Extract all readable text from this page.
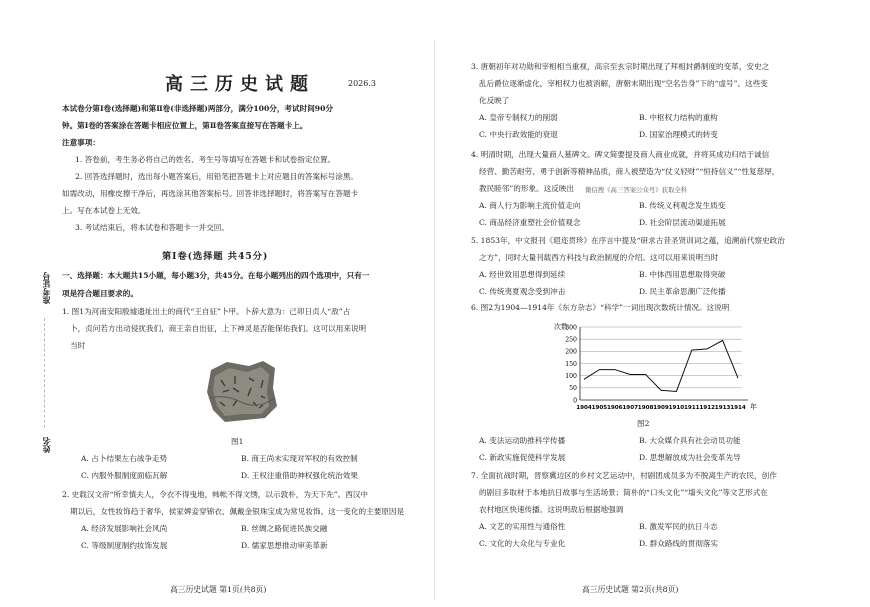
准考证号
姓名
高三历史试题	2026.3
本试卷分第Ⅰ卷(选择题)和第Ⅱ卷(非选择题)两部分，满分100分，考试时间90分
钟。第Ⅰ卷的答案涂在答题卡相应位置上，第Ⅱ卷答案直接写在答题卡上。
注意事项：
1. 答卷前，考生务必将自己的姓名、考生号等填写在答题卡和试卷指定位置。
2. 回答选择题时，选出每小题答案后，用铅笔把答题卡上对应题目的答案标号涂黑。
如需改动，用橡皮擦干净后，再选涂其他答案标号。回答非选择题时，将答案写在答题卡
上。写在本试卷上无效。
3. 考试结束后，将本试卷和答题卡一并交回。
第Ⅰ卷(选择题 共45分)
一、选择题：本大题共15小题，每小题3分，共45分。在每小题列出的四个选项中，只有一
项是符合题目要求的。
1. 图1为河南安阳殷墟遗址出土的商代“王自征”卜甲。卜辞大意为：己卯日贞人“敌”占
卜，贞问若方出动侵扰我们，商王亲自出征，上下神灵是否能保佑我们。这可以用来说明
当时
图1
A. 占卜结果左右战争走势	B. 商王尚未实现对军权的有效控制
C. 内服外服制度面临瓦解	D. 王权注重借助神权强化统治效果
2. 史载汉文帝“所幸慎夫人，令衣不得曳地，帏帐不得文绣，以示敦朴，为天下先”。西汉中
期以后，女性妆饰趋于奢华，侯家婢妾穿锦衣、佩戴金银珠宝成为常见妆饰。这一变化的主要原因是
A. 经济发展影响社会风尚	B. 丝绸之路促进民族交融
C. 等级制度制约妆饰发展	D. 儒家思想推动审美革新
高三历史试题 第1页(共8页)
3. 唐朝初年对功勋和宰相相当重视，高宗至玄宗时期出现了拜相封爵制度的变革，安史之
乱后爵位逐渐虚化，宰相权力也被消解，唐朝末期出现“空名告身”下的“虚号”。这些变
化反映了
A. 皇帝专制权力的削弱	B. 中枢权力结构的重构
C. 中央行政效能的衰退	D. 国家治理模式的转变
4. 明清时期，出现大量商人墓碑文。碑文简要提及商人商业成就，并将其成功归结于诚信
经营、勤苦耐劳、勇于创新等精神品质，商人被塑造为“仗义轻财”“恒持信义”“性复慈厚，
教民睦邻”的形象。这反映出 微信搜《高三答案公众号》获取全科
A. 商人行为影响主流价值走向	B. 传统义利观念发生质变
C. 商品经济重塑社会价值观念	D. 社会阶层流动渠道拓展
5. 1853年，中文报刊《遐迩贯珍》在序言中提及“研求古昔圣贤训词之蕴，追溯前代察史政治
之方”，同时大量刊载西方科技与政治制度的介绍。这可以用来说明当时
A. 经世致用思想得到延续	B. 中体西用思想取得突破
C. 传统夷夏观念受到冲击	D. 民主革命思潮广泛传播
6. 图2为1904—1914年《东方杂志》“科学”一词出现次数统计情况。这说明
图2
A. 变法运动助推科学传播	B. 大众媒介具有社会动员功能
C. 新政实施促使科学发展	D. 思想解放成为社会变革先导
7. 全面抗战时期，晋察冀边区的乡村文艺运动中，村剧团成员多为不脱离生产的农民，创作
的剧目多取材于本地抗日故事与生活场景；简朴的“口头文化”“墙头文化”等文艺形式在
农村地区快速传播。这说明敌后根据地强调
A. 文艺的实用性与通俗性	B. 激发军民的抗日斗志
C. 文化的大众化与专业化	D. 群众路线的贯彻落实
高三历史试题 第2页(共8页)
0
50
100
150
200
250
300
1904 1905 1906 1907 1908 1909 1910 1911 1912 1913 1914
次数
年
